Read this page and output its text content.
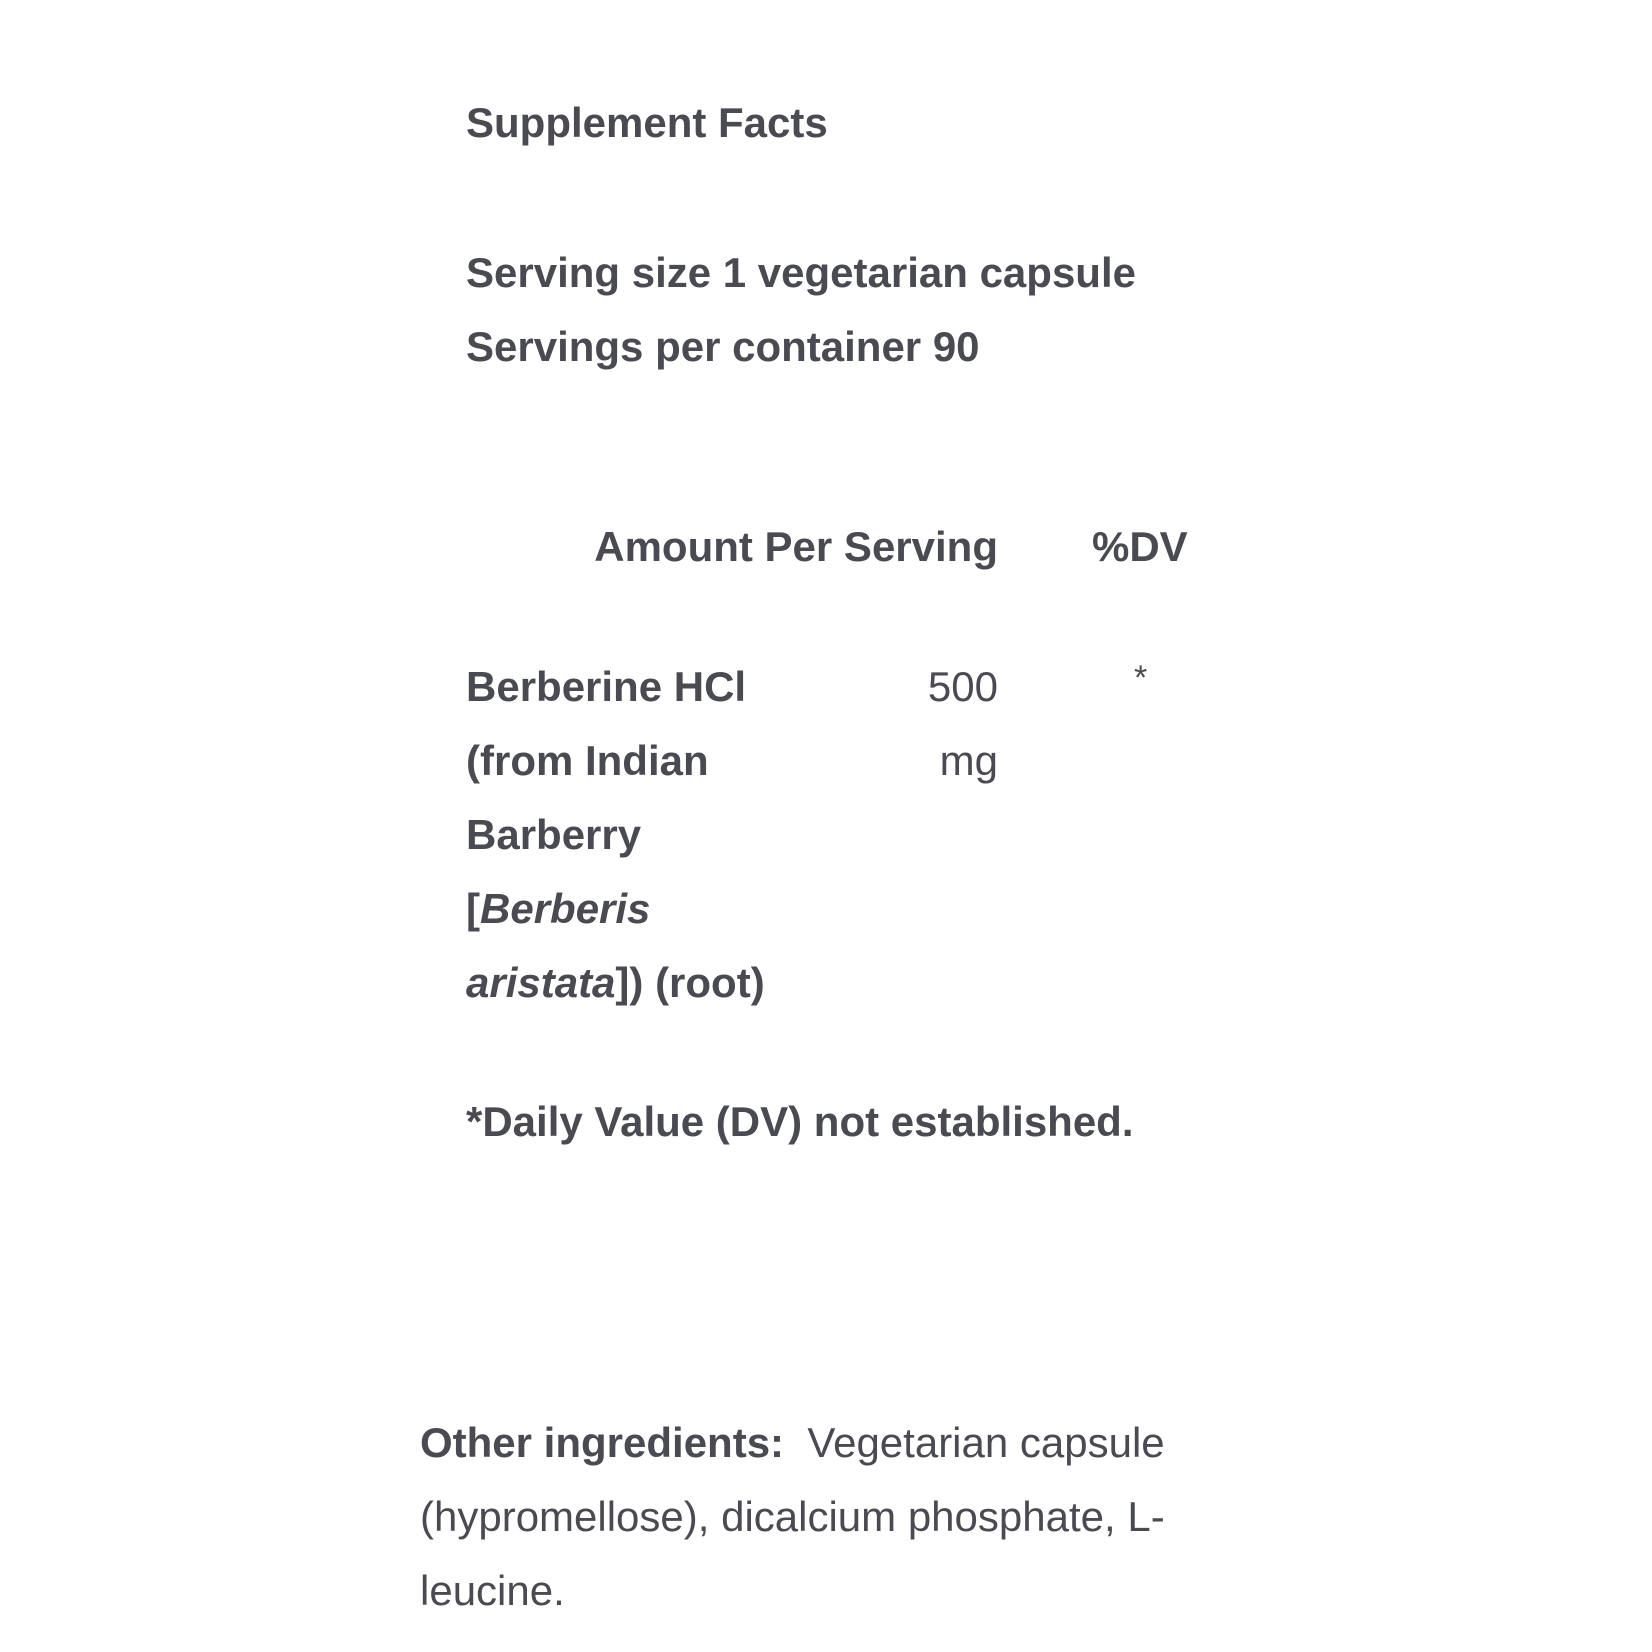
Supplement Facts
Serving size 1 vegetarian capsule
Servings per container 90
Amount Per Serving %DV
Berberine HCl
(from Indian
Barberry
[Berberis
aristata]) (root)
500
mg
*
*Daily Value (DV) not established.
Other ingredients: Vegetarian capsule
(hypromellose), dicalcium phosphate, L-
leucine.
